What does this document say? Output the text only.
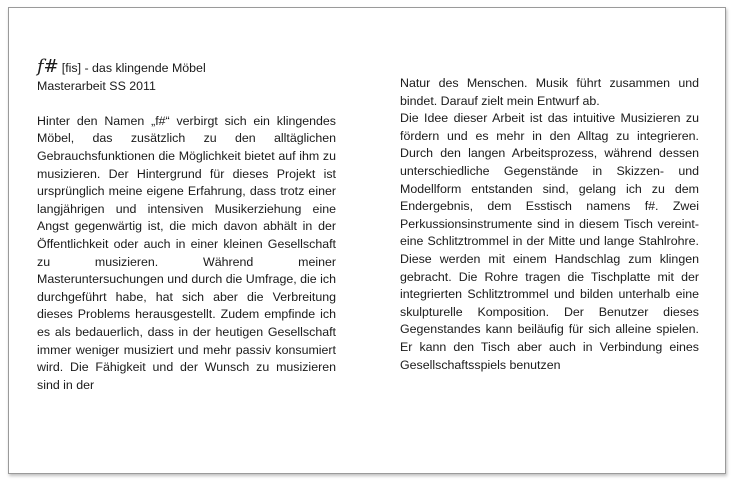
f# [fis] - das klingende Möbel
Masterarbeit SS 2011

Hinter den Namen „f#“ verbirgt sich ein klingendes Möbel, das zusätzlich zu den alltäglichen Gebrauchsfunktionen die Möglichkeit bietet auf ihm zu musizieren. Der Hintergrund für dieses Projekt ist ursprünglich meine eigene Erfahrung, dass trotz einer langjährigen und intensiven Musikerziehung eine Angst gegenwärtig ist, die mich davon abhält in der Öffentlichkeit oder auch in einer kleinen Gesellschaft zu musizieren. Während meiner Masteruntersuchungen und durch die Umfrage, die ich durchgeführt habe, hat sich aber die Verbreitung dieses Problems herausgestellt. Zudem empfinde ich es als bedauerlich, dass in der heutigen Gesellschaft immer weniger musiziert und mehr passiv konsumiert wird. Die Fähigkeit und der Wunsch zu musizieren sind in der

Natur des Menschen. Musik führt zusammen und bindet. Darauf zielt mein Entwurf ab.

Die Idee dieser Arbeit ist das intuitive Musizieren zu fördern und es mehr in den Alltag zu integrieren. Durch den langen Arbeitsprozess, während dessen unterschiedliche Gegenstände in Skizzen- und Modellform entstanden sind, gelang ich zu dem Endergebnis, dem Esstisch namens f#. Zwei Perkussionsinstrumente sind in diesem Tisch vereint- eine Schlitztrommel in der Mitte und lange Stahlrohre. Diese werden mit einem Handschlag zum klingen gebracht. Die Rohre tragen die Tischplatte mit der integrierten Schlitztrommel und bilden unterhalb eine skulpturelle Komposition. Der Benutzer dieses Gegenstandes kann beiläufig für sich alleine spielen. Er kann den Tisch aber auch in Verbindung eines Gesellschaftsspiels benutzen
